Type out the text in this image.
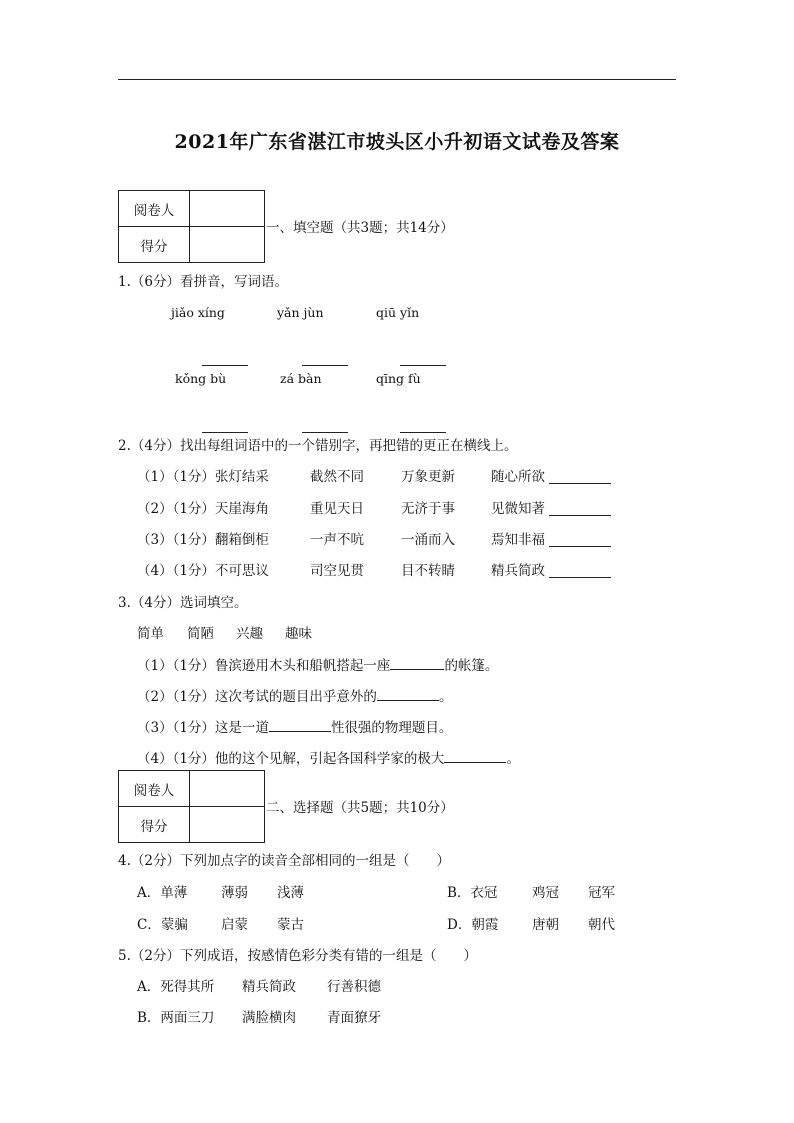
2021年广东省湛江市坡头区小升初语文试卷及答案
阅卷人	
得分	
一、填空题（共3题；共14分）
1.（6分）看拼音，写词语。
jiǎo xíng	yǎn jùn	qiū yǐn
kǒng bù	zá bàn	qīng fù
2.（4分）找出每组词语中的一个错别字，再把错的更正在横线上。
（1）（1分）张灯结采	截然不同	万象更新	随心所欲
（2）（1分）天崖海角	重见天日	无济于事	见微知著
（3）（1分）翻箱倒柜	一声不吭	一涌而入	焉知非福
（4）（1分）不可思议	司空见贯	目不转睛	精兵简政
3.（4分）选词填空。
简单 简陋 兴趣 趣味
（1）（1分）鲁滨逊用木头和船帆搭起一座	的帐篷。
（2）（1分）这次考试的题目出乎意外的	。
（3）（1分）这是一道	性很强的物理题目。
（4）（1分）他的这个见解，引起各国科学家的极大	。
阅卷人	
得分	
二、选择题（共5题；共10分）
4.（2分）下列加点字的读音全部相同的一组是（　　）
A．单薄	薄弱 浅薄	B．衣冠	鸡冠 冠军
C．蒙骗 启蒙 蒙古	D．朝霞 唐朝 朝代
5.（2分）下列成语，按感情色彩分类有错的一组是（　　）
A．死得其所 精兵简政 行善积德
B．两面三刀 满脸横肉 青面獠牙
